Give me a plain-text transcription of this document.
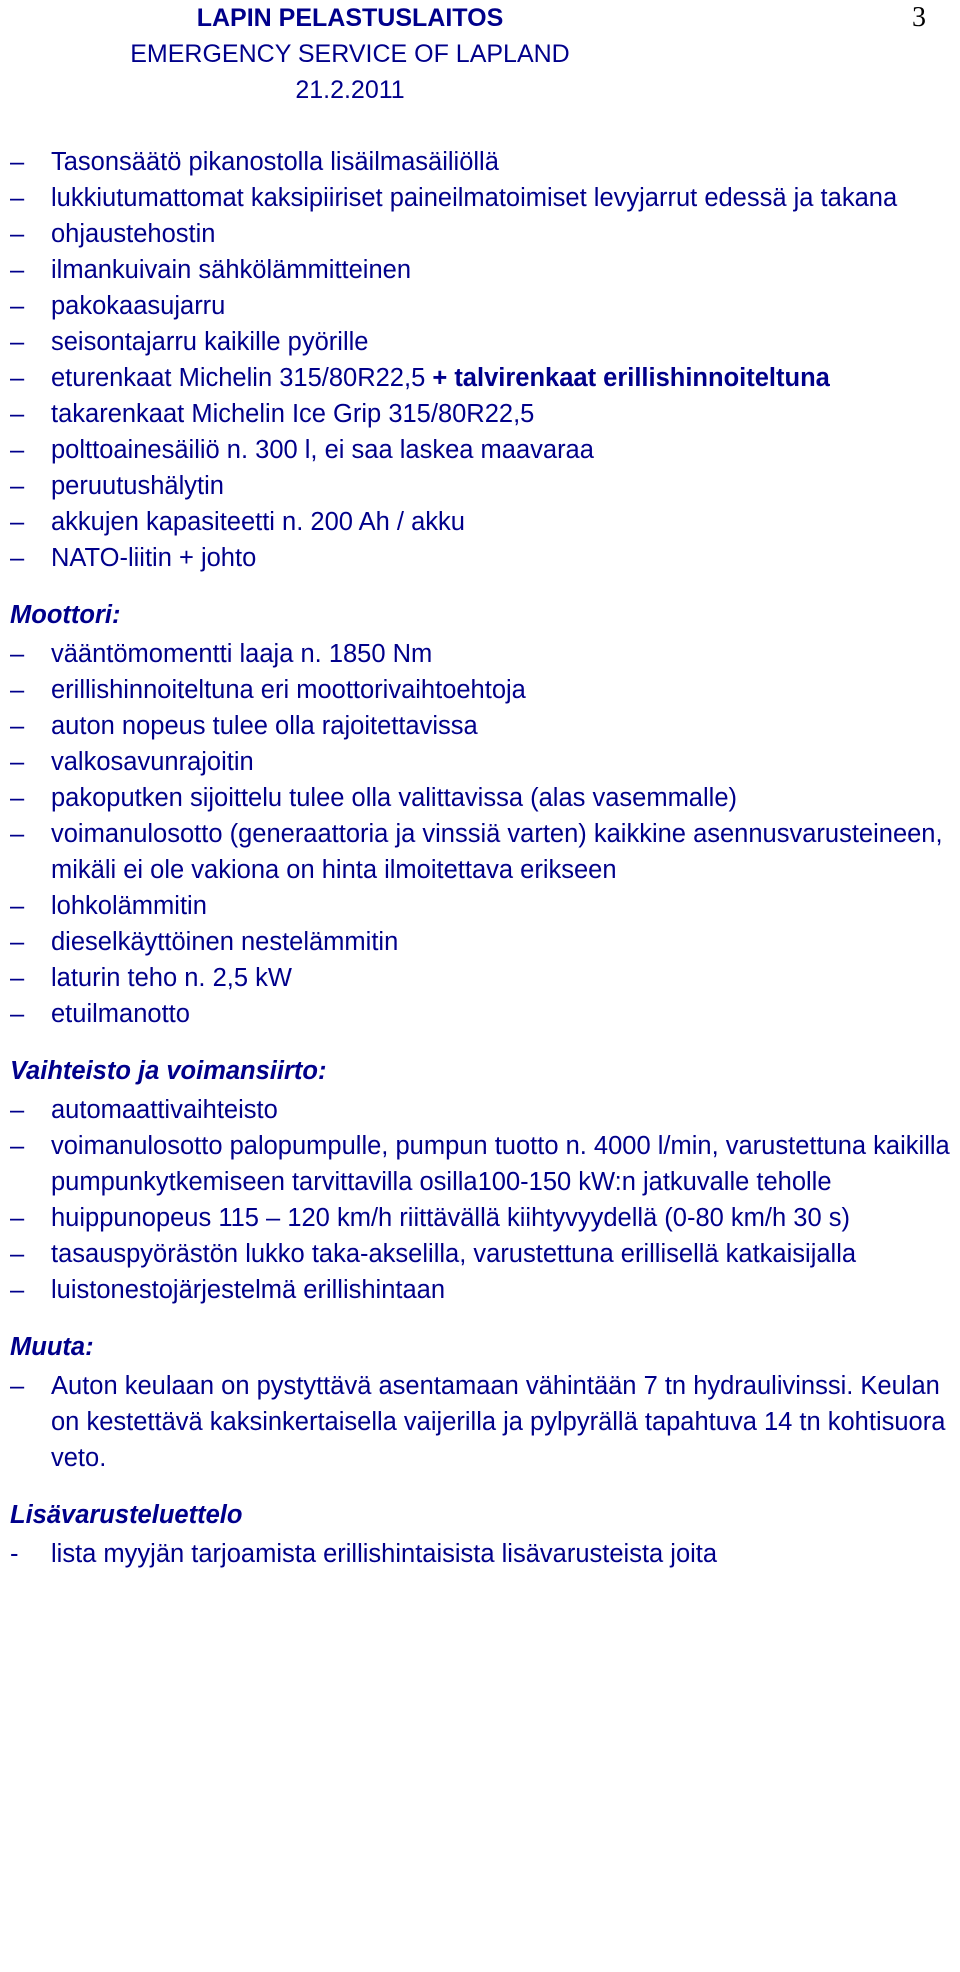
LAPIN PELASTUSLAITOS
EMERGENCY SERVICE OF LAPLAND
21.2.2011
3
–	Tasonsäätö pikanostolla lisäilmasäiliöllä
–	lukkiutumattomat kaksipiiriset paineilmatoimiset levyjarrut edessä ja takana
–	ohjaustehostin
–	ilmankuivain sähkölämmitteinen
–	pakokaasujarru
–	seisontajarru kaikille pyörille
–	eturenkaat Michelin 315/80R22,5 + talvirenkaat erillishinnoiteltuna
–	takarenkaat Michelin Ice Grip 315/80R22,5
–	polttoainesäiliö n. 300 l, ei saa laskea maavaraa
–	peruutushälytin
–	akkujen kapasiteetti n. 200 Ah / akku
–	NATO-liitin + johto
Moottori:
–	vääntömomentti laaja n. 1850 Nm
–	erillishinnoiteltuna eri moottorivaihtoehtoja
–	auton nopeus tulee olla rajoitettavissa
–	valkosavunrajoitin
–	pakoputken sijoittelu tulee olla valittavissa (alas vasemmalle)
–	voimanulosotto (generaattoria ja vinssiä varten) kaikkine asennusvarusteineen, mikäli ei ole vakiona on hinta ilmoitettava erikseen
–	lohkolämmitin
–	dieselkäyttöinen nestelämmitin
–	laturin teho n. 2,5 kW
–	etuilmanotto
Vaihteisto ja voimansiirto:
–	automaattivaihteisto
–	voimanulosotto palopumpulle, pumpun tuotto n. 4000 l/min, varustettuna kaikilla pumpunkytkemiseen tarvittavilla osilla100-150 kW:n jatkuvalle teholle
–	huippunopeus 115 – 120 km/h riittävällä kiihtyvyydellä (0-80 km/h 30 s)
–	tasauspyörästön lukko taka-akselilla, varustettuna erillisellä katkaisijalla
–	luistonestojärjestelmä erillishintaan
Muuta:
–	Auton keulaan on pystyttävä asentamaan vähintään 7 tn hydraulivinssi. Keulan on kestettävä kaksinkertaisella vaijerilla ja pylpyrällä tapahtuva 14 tn kohtisuora veto.
Lisävarusteluettelo
-	lista myyjän tarjoamista erillishintaisista lisävarusteista joita
